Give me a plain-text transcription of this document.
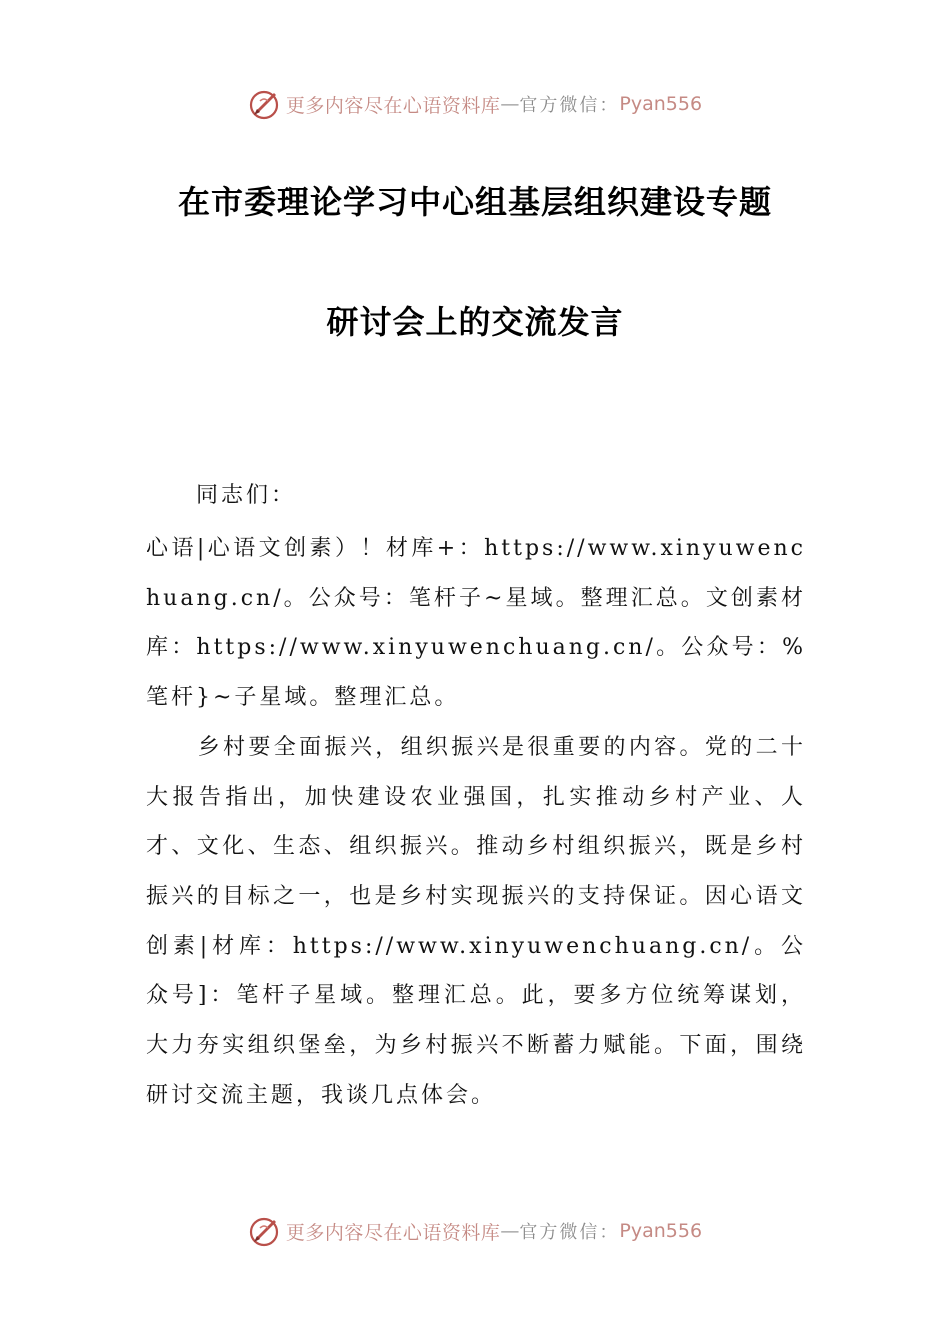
更多内容尽在心语资料库 — 官方微信： Pyan556
在市委理论学习中心组基层组织建设专题
研讨会上的交流发言
同志们：

心语|心语文创素）！材库+：https://www.xinyuwenchuang.cn/。公众号：笔杆子~星域。整理汇总。文创素材库：https://www.xinyuwenchuang.cn/。公众号：%笔杆}~子星域。整理汇总。

乡村要全面振兴，组织振兴是很重要的内容。党的二十大报告指出，加快建设农业强国，扎实推动乡村产业、人才、文化、生态、组织振兴。推动乡村组织振兴，既是乡村振兴的目标之一，也是乡村实现振兴的支持保证。因心语文创素|材库：https://www.xinyuwenchuang.cn/。公众号]：笔杆子星域。整理汇总。此，要多方位统筹谋划，大力夯实组织堡垒，为乡村振兴不断蓄力赋能。下面，围绕研讨交流主题，我谈几点体会。

更多内容尽在心语资料库 — 官方微信： Pyan556
